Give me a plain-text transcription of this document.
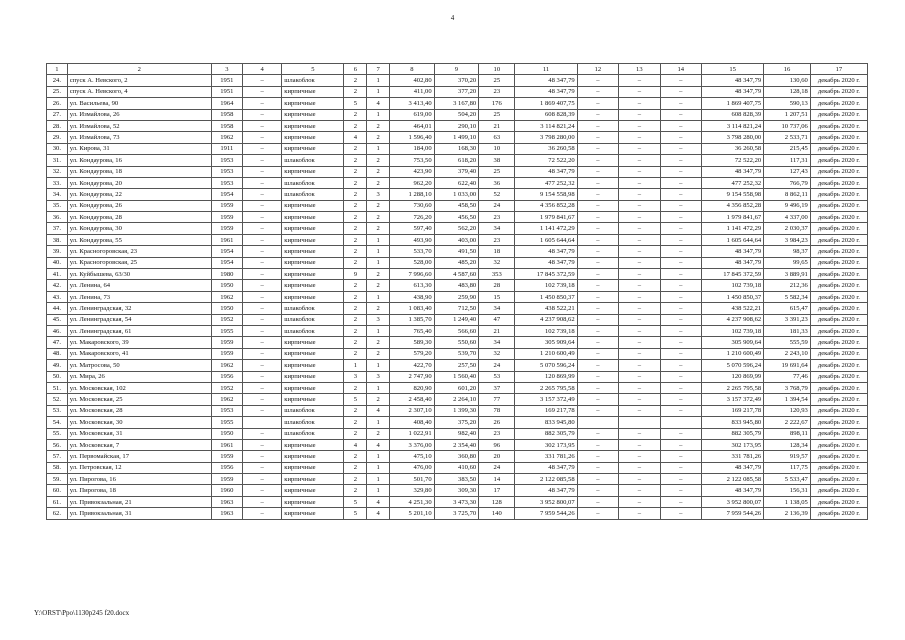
4
1	2	3	4	5	6	7	8	9	10	11	12	13	14	15	16	17
24.	спуск А. Невского, 2	1951	–	шлакоблок	2	1	402,80	370,20	25	48 347,79	–	–	–	48 347,79	130,60	декабрь 2020 г.
25.	спуск А. Невского, 4	1951	–	кирпичные	2	1	411,00	377,20	23	48 347,79	–	–	–	48 347,79	128,18	декабрь 2020 г.
26.	ул. Васильева, 90	1964	–	кирпичные	5	4	3 413,40	3 167,80	176	1 869 407,75	–	–	–	1 869 407,75	590,13	декабрь 2020 г.
27.	ул. Измайлова, 26	1958	–	кирпичные	2	1	619,00	504,20	25	608 828,39	–	–	–	608 828,39	1 207,51	декабрь 2020 г.
28.	ул. Измайлова, 52	1958	–	кирпичные	2	2	464,01	290,10	21	3 114 821,24	–	–	–	3 114 821,24	10 737,06	декабрь 2020 г.
29.	ул. Измайлова, 73	1962	–	кирпичные	4	2	1 596,40	1 499,10	63	3 798 280,00	–	–	–	3 798 280,00	2 533,71	декабрь 2020 г.
30.	ул. Кирова, 31	1911	–	кирпичные	2	1	184,00	168,30	10	36 260,58	–	–	–	36 260,58	215,45	декабрь 2020 г.
31.	ул. Кондаурова, 16	1953	–	шлакоблок	2	2	753,50	618,20	38	72 522,20	–	–	–	72 522,20	117,31	декабрь 2020 г.
32.	ул. Кондаурова, 18	1953	–	кирпичные	2	2	423,90	379,40	25	48 347,79	–	–	–	48 347,79	127,43	декабрь 2020 г.
33.	ул. Кондаурова, 20	1953	–	шлакоблок	2	2	962,20	622,40	36	477 252,32	–	–	–	477 252,32	766,79	декабрь 2020 г.
34.	ул. Кондаурова, 22	1954	–	шлакоблок	2	3	1 288,10	1 033,00	52	9 154 558,98	–	–	–	9 154 558,98	8 862,11	декабрь 2020 г.
35.	ул. Кондаурова, 26	1959	–	кирпичные	2	2	730,60	458,50	24	4 356 852,28	–	–	–	4 356 852,28	9 496,19	декабрь 2020 г.
36.	ул. Кондаурова, 28	1959	–	кирпичные	2	2	726,20	456,50	23	1 979 841,67	–	–	–	1 979 841,67	4 337,00	декабрь 2020 г.
37.	ул. Кондаурова, 30	1959	–	кирпичные	2	2	597,40	562,20	34	1 141 472,29	–	–	–	1 141 472,29	2 030,37	декабрь 2020 г.
38.	ул. Кондаурова, 55	1961	–	кирпичные	2	1	493,90	403,00	23	1 605 644,64	–	–	–	1 605 644,64	3 984,23	декабрь 2020 г.
39.	ул. Красногоровская, 23	1954	–	кирпичные	2	1	533,70	491,50	18	48 347,79	–	–	–	48 347,79	98,37	декабрь 2020 г.
40.	ул. Красногоровская, 25	1954	–	кирпичные	2	1	528,00	485,20	32	48 347,79	–	–	–	48 347,79	99,65	декабрь 2020 г.
41.	ул. Куйбышева, 63/30	1980	–	кирпичные	9	2	7 996,60	4 587,60	353	17 845 372,59	–	–	–	17 845 372,59	3 889,91	декабрь 2020 г.
42.	ул. Ленина, 64	1950	–	кирпичные	2	2	613,30	483,80	28	102 739,18	–	–	–	102 739,18	212,36	декабрь 2020 г.
43.	ул. Ленина, 73	1962	–	кирпичные	2	1	438,90	259,90	15	1 450 850,37	–	–	–	1 450 850,37	5 582,34	декабрь 2020 г.
44.	ул. Ленинградская, 32	1950	–	шлакоблок	2	2	1 083,40	712,50	34	438 522,21	–	–	–	438 522,21	615,47	декабрь 2020 г.
45.	ул. Ленинградская, 54	1952	–	шлакоблок	2	3	1 385,70	1 249,40	47	4 237 908,62	–	–	–	4 237 908,62	3 391,23	декабрь 2020 г.
46.	ул. Ленинградская, 61	1955	–	шлакоблок	2	1	765,40	566,60	21	102 739,18	–	–	–	102 739,18	181,33	декабрь 2020 г.
47.	ул. Макаровского, 39	1959	–	кирпичные	2	2	589,30	550,60	34	305 909,64	–	–	–	305 909,64	555,59	декабрь 2020 г.
48.	ул. Макаровского, 41	1959	–	кирпичные	2	2	579,20	539,70	32	1 210 600,49	–	–	–	1 210 600,49	2 243,10	декабрь 2020 г.
49.	ул. Матросова, 50	1962	–	кирпичные	1	1	422,70	257,50	24	5 070 596,24	–	–	–	5 070 596,24	19 691,64	декабрь 2020 г.
50.	ул. Мира, 26	1956	–	кирпичные	3	3	2 747,90	1 560,40	53	120 869,99	–	–	–	120 869,99	77,46	декабрь 2020 г.
51.	ул. Московская, 102	1952	–	кирпичные	2	1	820,90	601,20	37	2 265 795,58	–	–	–	2 265 795,58	3 768,79	декабрь 2020 г.
52.	ул. Московская, 25	1962	–	кирпичные	5	2	2 458,40	2 264,10	77	3 157 372,49	–	–	–	3 157 372,49	1 394,54	декабрь 2020 г.
53.	ул. Московская, 28	1953	–	шлакоблок	2	4	2 307,10	1 399,30	78	169 217,78	–	–	–	169 217,78	120,93	декабрь 2020 г.
54.	ул. Московская, 30	1955		шлакоблок	2	1	408,40	375,20	26	833 945,80				833 945,80	2 222,67	декабрь 2020 г.
55.	ул. Московская, 31	1950	–	шлакоблок	2	2	1 022,91	982,40	23	882 305,79	–	–	–	882 305,79	898,11	декабрь 2020 г.
56.	ул. Московская, 7	1961	–	кирпичные	4	4	3 376,00	2 354,40	96	302 173,95	–	–	–	302 173,95	128,34	декабрь 2020 г.
57.	ул. Первомайская, 17	1959	–	кирпичные	2	1	475,10	360,80	20	331 781,26	–	–	–	331 781,26	919,57	декабрь 2020 г.
58.	ул. Петровская, 12	1956	–	кирпичные	2	1	476,00	410,60	24	48 347,79	–	–	–	48 347,79	117,75	декабрь 2020 г.
59.	ул. Пирогова, 16	1959	–	кирпичные	2	1	501,70	383,50	14	2 122 085,58	–	–	–	2 122 085,58	5 533,47	декабрь 2020 г.
60.	ул. Пирогова, 18	1960	–	кирпичные	2	1	329,80	309,30	17	48 347,79	–	–	–	48 347,79	156,31	декабрь 2020 г.
61.	ул. Привокзальная, 21	1963	–	кирпичные	5	4	4 251,30	3 473,30	128	3 952 800,07	–	–	–	3 952 800,07	1 138,05	декабрь 2020 г.
62.	ул. Привокзальная, 31	1963	–	кирпичные	5	4	5 201,10	3 725,70	140	7 959 544,26	–	–	–	7 959 544,26	2 136,39	декабрь 2020 г.
Y:\ORST\Ppo\1130p245 f20.docx
